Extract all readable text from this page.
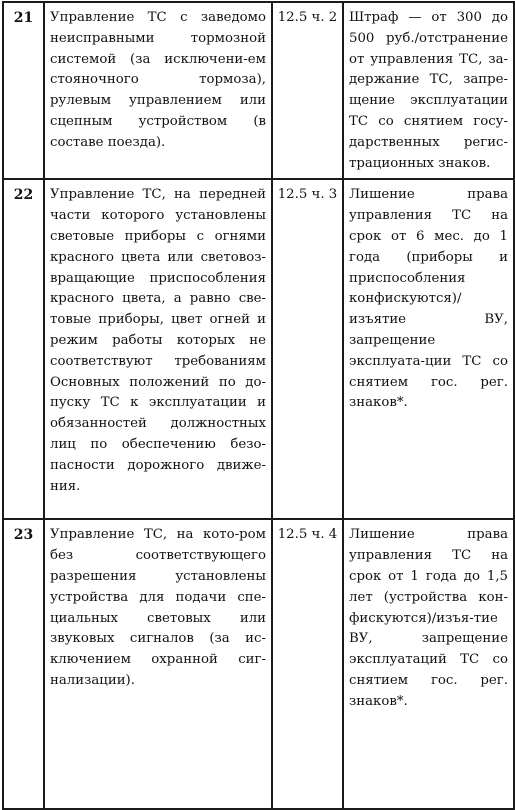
21	Управление ТС с заведомо неисправными тормозной системой (за исключени-ем стояночного тормоза), рулевым управлением или сцепным устройством (в составе поезда).	12.5 ч. 2	Штраф — от 300 до 500 руб./отстранение от управления ТС, за-держание ТС, запре-щение эксплуатации ТС со снятием госу-дарственных регис-трационных знаков.
22	Управление ТС, на передней части которого установлены световые приборы с огнями красного цвета или световоз-вращающие приспособления красного цвета, а равно све-товые приборы, цвет огней и режим работы которых не соответствуют требованиям Основных положений по до-пуску ТС к эксплуатации и обязанностей должностных лиц по обеспечению безо-пасности дорожного движе-ния.	12.5 ч. 3	Лишение права управления ТС на срок от 6 мес. до 1 года (приборы и приспособления конфискуются)/изъятие ВУ, запрещение эксплуата-ции ТС со снятием гос. рег. знаков*.
23	Управление ТС, на кото-ром без соответствующего разрешения установлены устройства для подачи спе-циальных световых или звуковых сигналов (за ис-ключением охранной сиг-нализации).	12.5 ч. 4	Лишение права управления ТС на срок от 1 года до 1,5 лет (устройства кон-фискуются)/изъя-тие ВУ, запрещение эксплуатаций ТС со снятием гос. рег. знаков*.
